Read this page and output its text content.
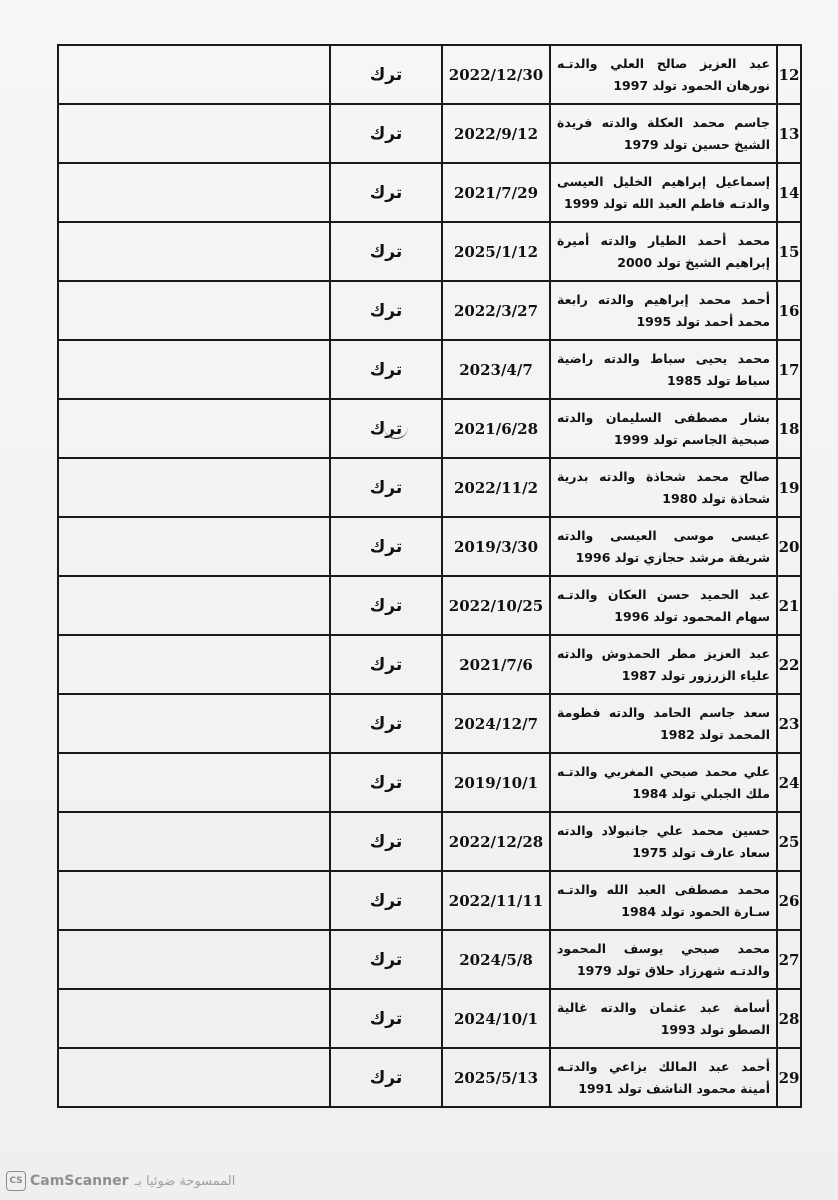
12	عبد العزيز صالح العلي والدتـه نورهان الحمود تولد 1997	2022/12/30	ترك	
13	جاسم محمد العكلة والدته فريدة الشيخ حسين تولد 1979	2022/9/12	ترك	
14	إسماعيل إبراهيم الخليل العيسى والدتـه فاطم العبد الله تولد 1999	2021/7/29	ترك	
15	محمد أحمد الطيار والدته أميرة إبراهيم الشيخ تولد 2000	2025/1/12	ترك	
16	أحمد محمد إبراهيم والدته رابعة محمد أحمد تولد 1995	2022/3/27	ترك	
17	محمد يحيى سباط والدته راضية سباط تولد 1985	2023/4/7	ترك	
18	بشار مصطفى السليمان والدته صبحية الجاسم تولد 1999	2021/6/28	ترك	
19	صالح محمد شحاذة والدته بدرية شحاذة تولد 1980	2022/11/2	ترك	
20	عيسى موسى العيسى والدته شريفة مرشد حجازي تولد 1996	2019/3/30	ترك	
21	عبد الحميد حسن العكان والدتـه سهام المحمود تولد 1996	2022/10/25	ترك	
22	عبد العزيز مطر الحمدوش والدته علياء الزرزور تولد 1987	2021/7/6	ترك	
23	سعد جاسم الحامد والدته فطومة المحمد تولد 1982	2024/12/7	ترك	
24	علي محمد صبحي المغربي والدتـه ملك الجبلي تولد 1984	2019/10/1	ترك	
25	حسين محمد علي جانبولاد والدته سعاد عارف تولد 1975	2022/12/28	ترك	
26	محمد مصطفى العبد الله والدتـه سـارة الحمود تولد 1984	2022/11/11	ترك	
27	محمد صبحي يوسف المحمود والدتـه شهرزاد حلاق تولد 1979	2024/5/8	ترك	
28	أسامة عبد عثمان والدته غالية الصطو تولد 1993	2024/10/1	ترك	
29	أحمد عبد المالك بزاعي والدتـه أمينة محمود الناشف تولد 1991	2025/5/13	ترك	
CS CamScanner الممسوحة ضوئيا بـ
